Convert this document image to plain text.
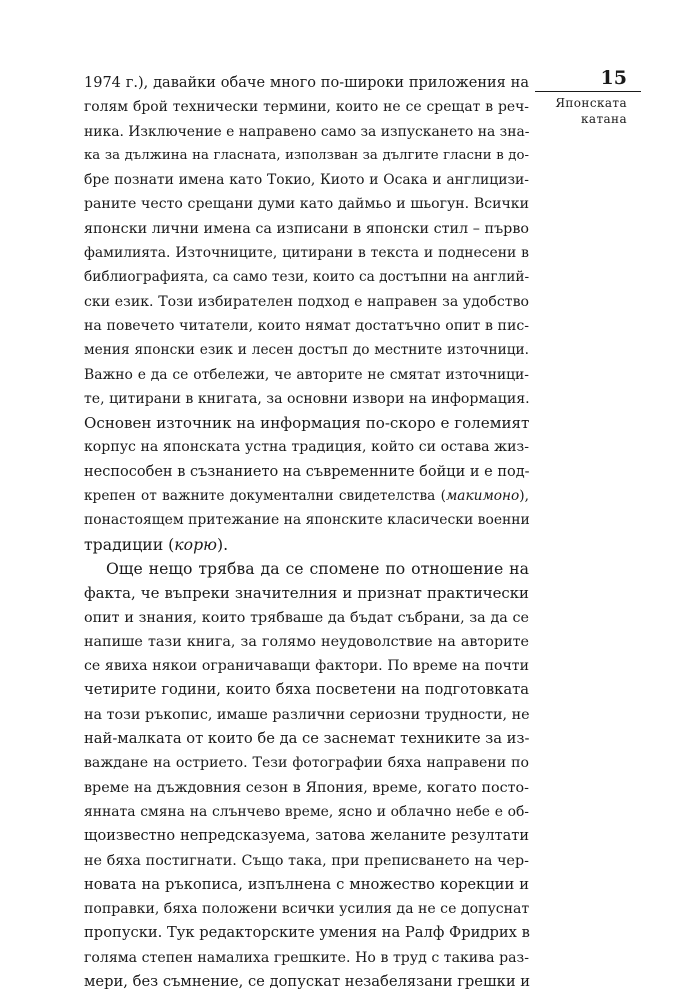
15
Японската
катана
1974 г.), давайки обаче много по-широки приложения на
голям брой технически термини, които не се срещат в реч-
ника. Изключение е направено само за изпускането на зна-
ка за дължина на гласната, използван за дългите гласни в до-
бре познати имена като Токио, Киото и Осака и англицизи-
раните често срещани думи като даймьо и шьогун. Всички
японски лични имена са изписани в японски стил – първо
фамилията. Източниците, цитирани в текста и поднесени в
библиографията, са само тези, които са достъпни на англий-
ски език. Този избирателен подход е направен за удобство
на повечето читатели, които нямат достатъчно опит в пис-
мения японски език и лесен достъп до местните източници.
Важно е да се отбележи, че авторите не смятат източници-
те, цитирани в книгата, за основни извори на информация.
Основен източник на информация по-скоро е големият
корпус на японската устна традиция, който си остава жиз-
неспособен в съзнанието на съвременните бойци и е под-
крепен от важните документални свидетелства (макимоно),
понастоящем притежание на японските класически военни
традиции (корю).
Още нещо трябва да се спомене по отношение на
факта, че въпреки значителния и признат практически
опит и знания, които трябваше да бъдат събрани, за да се
напише тази книга, за голямо неудоволствие на авторите
се явиха някои ограничаващи фактори. По време на почти
четирите години, които бяха посветени на подготовката
на този ръкопис, имаше различни сериозни трудности, не
най-малката от които бе да се заснемат техниките за из-
важдане на острието. Тези фотографии бяха направени по
време на дъждовния сезон в Япония, време, когато посто-
янната смяна на слънчево време, ясно и облачно небе е об-
щоизвестно непредсказуема, затова желаните резултати
не бяха постигнати. Също така, при преписването на чер-
новата на ръкописа, изпълнена с множество корекции и
поправки, бяха положени всички усилия да не се допуснат
пропуски. Тук редакторските умения на Ралф Фридрих в
голяма степен намалиха грешките. Но в труд с такива раз-
мери, без съмнение, се допускат незабелязани грешки и
